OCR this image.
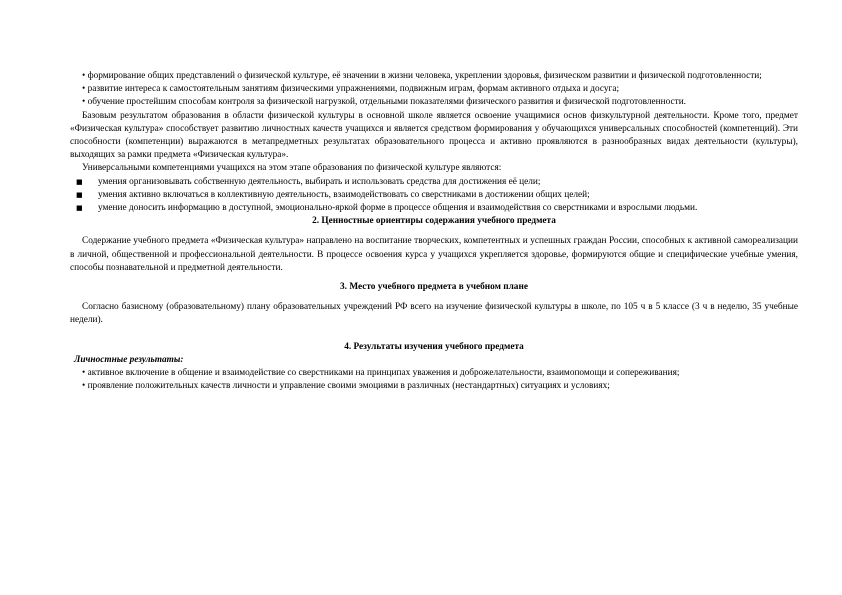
• формирование общих представлений о физической культуре, её значении в жизни человека, укреплении здоровья, физическом развитии и физической подготовленности;

• развитие интереса к самостоятельным занятиям физическими упражнениями, подвижным играм, формам активного отдыха и досуга;

• обучение простейшим способам контроля за физической нагрузкой, отдельными показателями физического развития и физической подготовленности.

Базовым результатом образования в области физической культуры в основной школе является освоение учащимися основ физкультурной деятельности. Кроме того, предмет «Физическая культура» способствует развитию личностных качеств учащихся и является средством формирования у обучающихся универсальных способностей (компетенций). Эти способности (компетенции) выражаются в метапредметных результатах образовательного процесса и активно проявляются в разнообразных видах деятельности (культуры), выходящих за рамки предмета «Физическая культура».

Универсальными компетенциями учащихся на этом этапе образования по физической культуре являются:

■	умения организовывать собственную деятельность, выбирать и использовать средства для достижения её цели;
■	умения активно включаться в коллективную деятельность, взаимодействовать со сверстниками в достижении общих целей;
■	умение доносить информацию в доступной, эмоционально-яркой форме в процессе общения и взаимодействия со сверстниками и взрослыми людьми.

2. Ценностные ориентиры содержания учебного предмета

Содержание учебного предмета «Физическая культура» направлено на воспитание творческих, компетентных и успешных граждан России, способных к активной самореализации в личной, общественной и профессиональной деятельности. В процессе освоения курса у учащихся укрепляется здоровье, формируются общие и специфические учебные умения, способы познавательной и предметной деятельности.

3. Место учебного предмета в учебном плане

Согласно базисному (образовательному) плану образовательных учреждений РФ всего на изучение физической культуры в школе, по 105 ч в 5 классе (3 ч в неделю, 35 учебные недели).

4. Результаты изучения учебного предмета

Личностные результаты:

• активное включение в общение и взаимодействие со сверстниками на принципах уважения и доброжелательности, взаимопомощи и сопереживания;

• проявление положительных качеств личности и управление своими эмоциями в различных (нестандартных) ситуациях и условиях;
